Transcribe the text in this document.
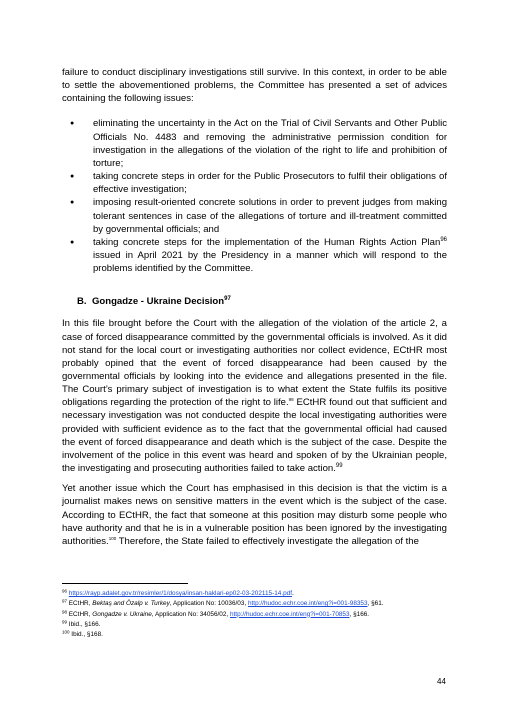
failure to conduct disciplinary investigations still survive. In this context, in order to be able to settle the abovementioned problems, the Committee has presented a set of advices containing the following issues:

● eliminating the uncertainty in the Act on the Trial of Civil Servants and Other Public Officials No. 4483 and removing the administrative permission condition for investigation in the allegations of the violation of the right to life and prohibition of torture;
● taking concrete steps in order for the Public Prosecutors to fulfil their obligations of effective investigation;
● imposing result-oriented concrete solutions in order to prevent judges from making tolerant sentences in case of the allegations of torture and ill-treatment committed by governmental officials; and
● taking concrete steps for the implementation of the Human Rights Action Plan$^{96}$ issued in April 2021 by the Presidency in a manner which will respond to the problems identified by the Committee.
B. Gongadze - Ukraine Decision$^{97}$

In this file brought before the Court with the allegation of the violation of the article 2, a case of forced disappearance committed by the governmental officials is involved. As it did not stand for the local court or investigating authorities nor collect evidence, ECtHR most probably opined that the event of forced disappearance had been caused by the governmental officials by looking into the evidence and allegations presented in the file. The Court’s primary subject of investigation is to what extent the State fulfils its positive obligations regarding the protection of the right to life.$^{98}$ ECtHR found out that sufficient and necessary investigation was not conducted despite the local investigating authorities were provided with sufficient evidence as to the fact that the governmental official had caused the event of forced disappearance and death which is the subject of the case. Despite the involvement of the police in this event was heard and spoken of by the Ukrainian people, the investigating and prosecuting authorities failed to take action.$^{99}$

Yet another issue which the Court has emphasised in this decision is that the victim is a journalist makes news on sensitive matters in the event which is the subject of the case. According to ECtHR, the fact that someone at this position may disturb some people who have authority and that he is in a vulnerable position has been ignored by the investigating authorities.$^{100}$ Therefore, the State failed to effectively investigate the allegation of the

$^{96}$ https://rayp.adalet.gov.tr/resimler/1/dosya/insan-haklari-ep02-03-202115-14.pdf.
$^{97}$ ECtHR, Bektaş and Özalp v. Turkey, Application No: 10036/03, http://hudoc.echr.coe.int/eng?i=001-98353, §61.
$^{98}$ ECtHR, Gongadze v. Ukraine, Application No: 34056/02, http://hudoc.echr.coe.int/eng?i=001-70853, §166.
$^{99}$ Ibid., §166.
$^{100}$ Ibid., §168.
44
